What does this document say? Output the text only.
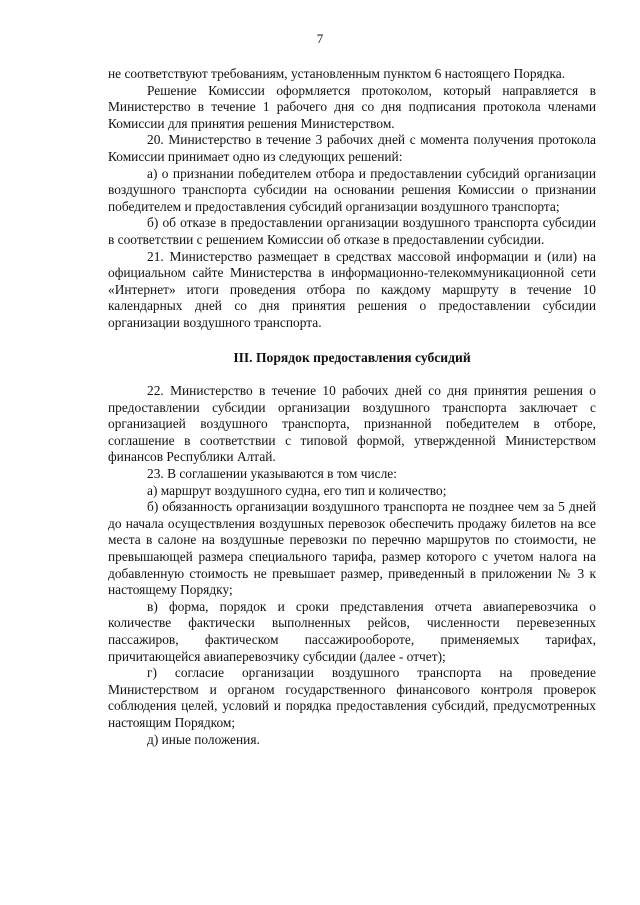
7

не соответствуют требованиям, установленным пунктом 6 настоящего Порядка.

Решение Комиссии оформляется протоколом, который направляется в Министерство в течение 1 рабочего дня со дня подписания протокола членами Комиссии для принятия решения Министерством.

20. Министерство в течение 3 рабочих дней с момента получения протокола Комиссии принимает одно из следующих решений:

а) о признании победителем отбора и предоставлении субсидий организации воздушного транспорта субсидии на основании решения Комиссии о признании победителем и предоставления субсидий организации воздушного транспорта;

б) об отказе в предоставлении организации воздушного транспорта субсидии в соответствии с решением Комиссии об отказе в предоставлении субсидии.

21. Министерство размещает в средствах массовой информации и (или) на официальном сайте Министерства в информационно-телекоммуникационной сети «Интернет» итоги проведения отбора по каждому маршруту в течение 10 календарных дней со дня принятия решения о предоставлении субсидии организации воздушного транспорта.

III. Порядок предоставления субсидий

22. Министерство в течение 10 рабочих дней со дня принятия решения о предоставлении субсидии организации воздушного транспорта заключает с организацией воздушного транспорта, признанной победителем в отборе, соглашение в соответствии с типовой формой, утвержденной Министерством финансов Республики Алтай.

23. В соглашении указываются в том числе:

а) маршрут воздушного судна, его тип и количество;

б) обязанность организации воздушного транспорта не позднее чем за 5 дней до начала осуществления воздушных перевозок обеспечить продажу билетов на все места в салоне на воздушные перевозки по перечню маршрутов по стоимости, не превышающей размера специального тарифа, размер которого с учетом налога на добавленную стоимость не превышает размер, приведенный в приложении № 3 к настоящему Порядку;

в) форма, порядок и сроки представления отчета авиаперевозчика о количестве фактически выполненных рейсов, численности перевезенных пассажиров, фактическом пассажирообороте, применяемых тарифах, причитающейся авиаперевозчику субсидии (далее - отчет);

г) согласие организации воздушного транспорта на проведение Министерством и органом государственного финансового контроля проверок соблюдения целей, условий и порядка предоставления субсидий, предусмотренных настоящим Порядком;

д) иные положения.
